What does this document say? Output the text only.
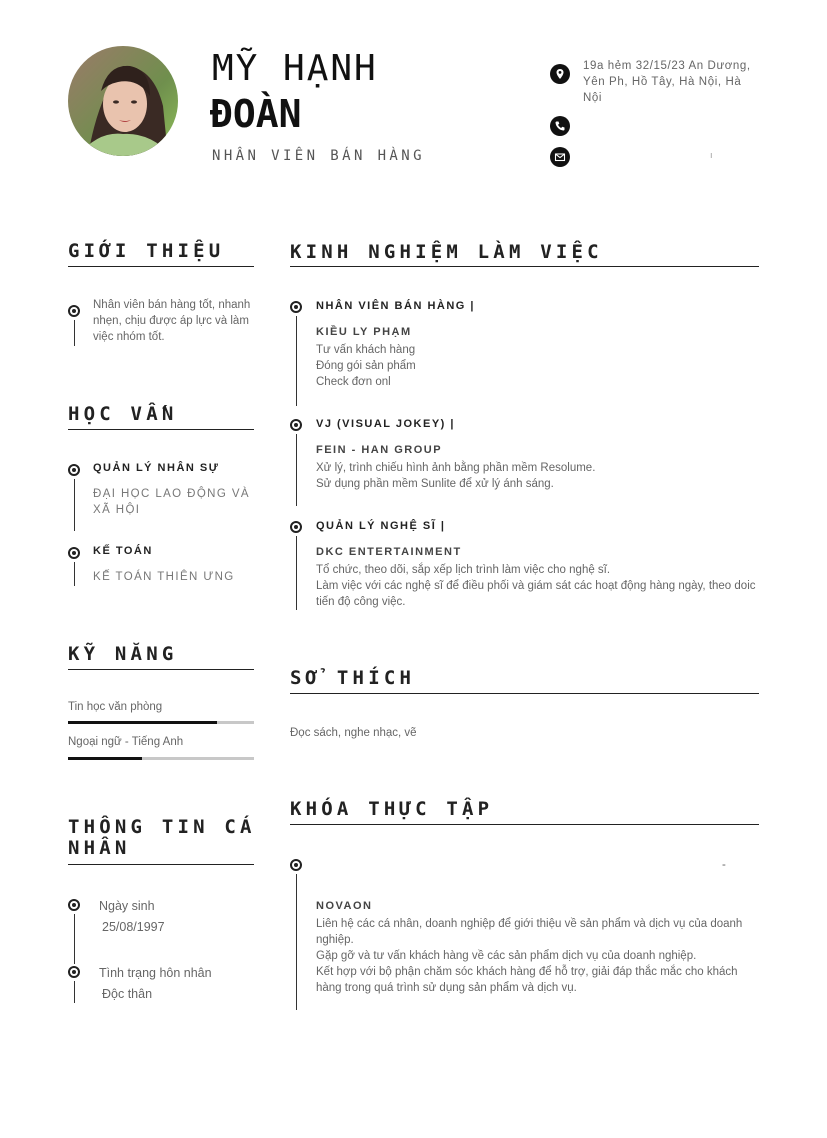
MỸ HẠNH
ĐOÀN
NHÂN VIÊN BÁN HÀNG
19a hẻm 32/15/23 An Dương, Yên Ph, Hồ Tây, Hà Nội, Hà Nội
ı
GIỚI THIỆU
Nhân viên bán hàng tốt, nhanh nhẹn, chịu được áp lực và làm việc nhóm tốt.
HỌC VẤN
QUẢN LÝ NHÂN SỰ
ĐẠI HỌC LAO ĐỘNG VÀ XÃ HỘI
KẾ TOÁN
KẾ TOÁN THIÊN ƯNG
KỸ NĂNG
Tin học văn phòng
Ngoại ngữ - Tiếng Anh
THÔNG TIN CÁ NHÂN
Ngày sinh
25/08/1997
Tình trạng hôn nhân
Độc thân
KINH NGHIỆM LÀM VIỆC
NHÂN VIÊN BÁN HÀNG |
KIỀU LY PHẠM
Tư vấn khách hàng
Đóng gói sản phẩm
Check đơn onl
VJ (VISUAL JOKEY) |
FEIN - HAN GROUP
Xử lý, trình chiếu hình ảnh bằng phần mềm Resolume.
Sử dụng phần mềm Sunlite để xử lý ánh sáng.
QUẢN LÝ NGHỆ SĨ |
DKC ENTERTAINMENT
Tổ chức, theo dõi, sắp xếp lịch trình làm việc cho nghệ sĩ.
Làm việc với các nghệ sĩ để điều phối và giám sát các hoạt động hàng ngày, theo doic tiến độ công việc.
SỞ THÍCH
Đọc sách, nghe nhạc, vẽ
KHÓA THỰC TẬP
-
NOVAON
Liên hệ các cá nhân, doanh nghiệp để giới thiệu về sản phẩm và dịch vụ của doanh nghiệp.
Gặp gỡ và tư vấn khách hàng về các sản phẩm dịch vụ của doanh nghiệp.
Kết hợp với bộ phận chăm sóc khách hàng để hỗ trợ, giải đáp thắc mắc cho khách hàng trong quá trình sử dụng sản phẩm và dịch vụ.
